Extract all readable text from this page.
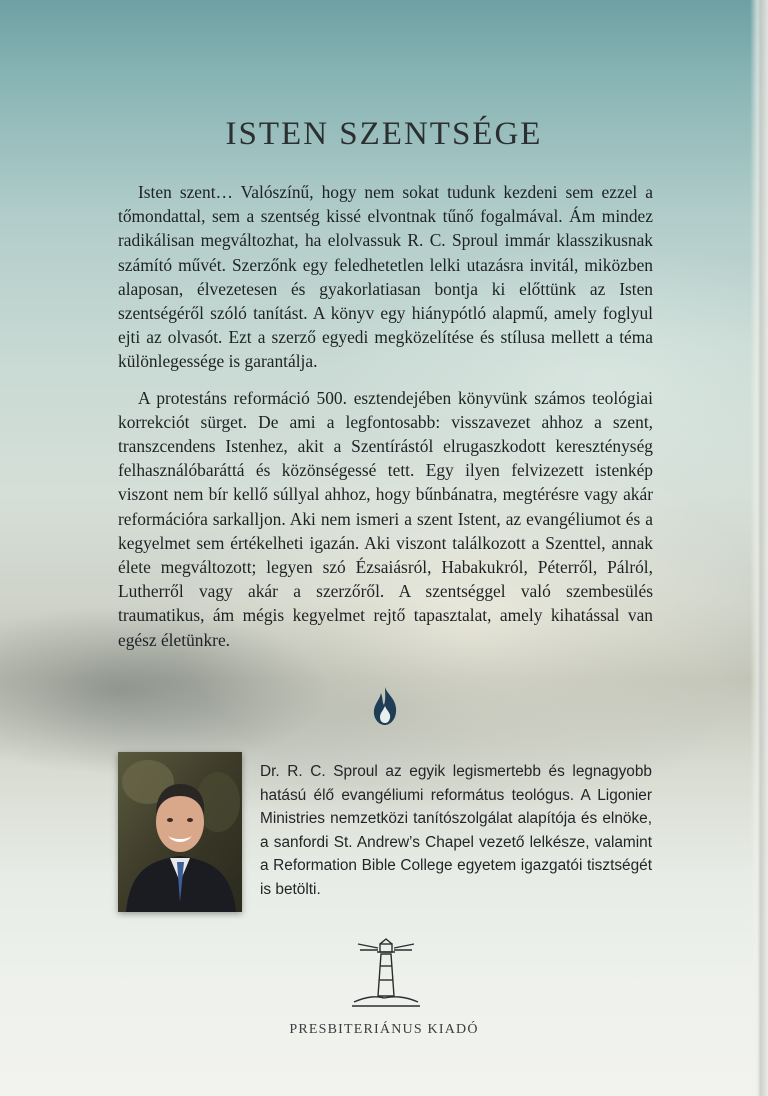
ISTEN SZENTSÉGE

Isten szent… Valószínű, hogy nem sokat tudunk kezdeni sem ezzel a tőmondattal, sem a szentség kissé elvontnak tűnő fogalmával. Ám mindez radikálisan megváltozhat, ha elolvassuk R. C. Sproul immár klasszikusnak számító művét. Szerzőnk egy feledhetetlen lelki utazásra invitál, miközben alaposan, élvezetesen és gyakorlatiasan bontja ki előttünk az Isten szentségéről szóló tanítást. A könyv egy hiánypótló alapmű, amely foglyul ejti az olvasót. Ezt a szerző egyedi megközelítése és stílusa mellett a téma különlegessége is garantálja.

A protestáns reformáció 500. esztendejében könyvünk számos teológiai korrekciót sürget. De ami a legfontosabb: visszavezet ahhoz a szent, transzcendens Istenhez, akit a Szentírástól elrugaszkodott kereszténység felhasználóbaráttá és közönségessé tett. Egy ilyen felvizezett istenkép viszont nem bír kellő súllyal ahhoz, hogy bűnbánatra, megtérésre vagy akár reformációra sarkalljon. Aki nem ismeri a szent Istent, az evangéliumot és a kegyelmet sem értékelheti igazán. Aki viszont találkozott a Szenttel, annak élete megváltozott; legyen szó Ézsaiásról, Habakukról, Péterről, Pálról, Lutherről vagy akár a szerzőről. A szentséggel való szembesülés traumatikus, ám mégis kegyelmet rejtő tapasztalat, amely kihatással van egész életünkre.

Dr. R. C. Sproul az egyik legismertebb és legnagyobb hatású élő evangéliumi református teológus. A Ligonier Ministries nemzetközi tanítószolgálat alapítója és elnöke, a sanfordi St. Andrew’s Chapel vezető lelkésze, valamint a Reformation Bible College egyetem igazgatói tisztségét is betölti.
PRESBITERIÁNUS KIADÓ
